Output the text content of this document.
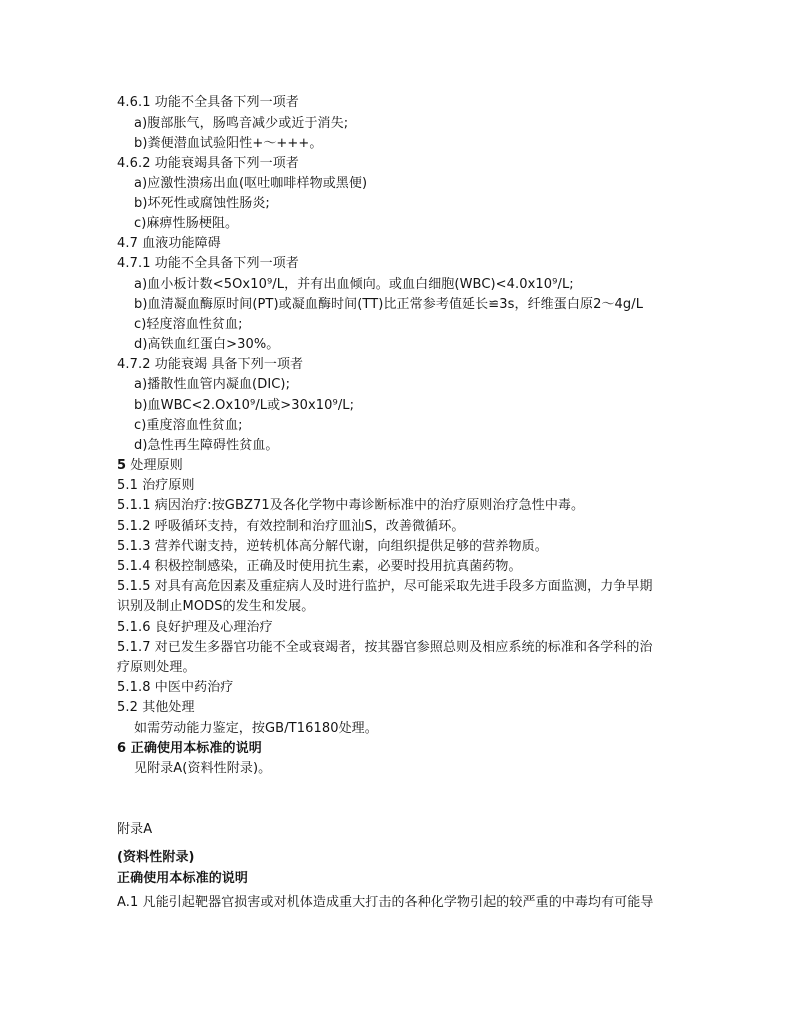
4.6.1 功能不全具备下列一项者
a)腹部胀气，肠鸣音减少或近于消失;
b)粪便潜血试验阳性+～+++。
4.6.2 功能衰竭具备下列一项者
a)应激性溃疡出血(呕吐咖啡样物或黑便)
b)坏死性或腐蚀性肠炎;
c)麻痹性肠梗阻。
4.7 血液功能障碍
4.7.1 功能不全具备下列一项者
a)血小板计数<5Ox10⁹/L，并有出血倾向。或血白细胞(WBC)<4.0x10⁹/L;
b)血清凝血酶原时间(PT)或凝血酶时间(TT)比正常参考值延长≌3s，纤维蛋白原2～4g/L
c)轻度溶血性贫血;
d)高铁血红蛋白>30%。
4.7.2 功能衰竭 具备下列一项者
a)播散性血管内凝血(DIC);
b)血WBC<2.Ox10⁹/L或>30x10⁹/L;
c)重度溶血性贫血;
d)急性再生障碍性贫血。
5 处理原则
5.1 治疗原则
5.1.1 病因治疗:按GBZ71及各化学物中毒诊断标准中的治疗原则治疗急性中毒。
5.1.2 呼吸循环支持，有效控制和治疗皿汕S，改善微循环。
5.1.3 营养代谢支持，逆转机体高分解代谢，向组织提供足够的营养物质。
5.1.4 积极控制感染，正确及时使用抗生素，必要时投用抗真菌药物。
5.1.5 对具有高危因素及重症病人及时进行监护，尽可能采取先进手段多方面监测，力争早期
识别及制止MODS的发生和发展。
5.1.6 良好护理及心理治疗
5.1.7 对已发生多器官功能不全或衰竭者，按其器官参照总则及相应系统的标准和各学科的治
疗原则处理。
5.1.8 中医中药治疗
5.2 其他处理
如需劳动能力鉴定，按GB/T16180处理。
6 正确使用本标准的说明
见附录A(资料性附录)。
附录A
(资料性附录)
正确使用本标准的说明
A.1 凡能引起靶器官损害或对机体造成重大打击的各种化学物引起的较严重的中毒均有可能导
